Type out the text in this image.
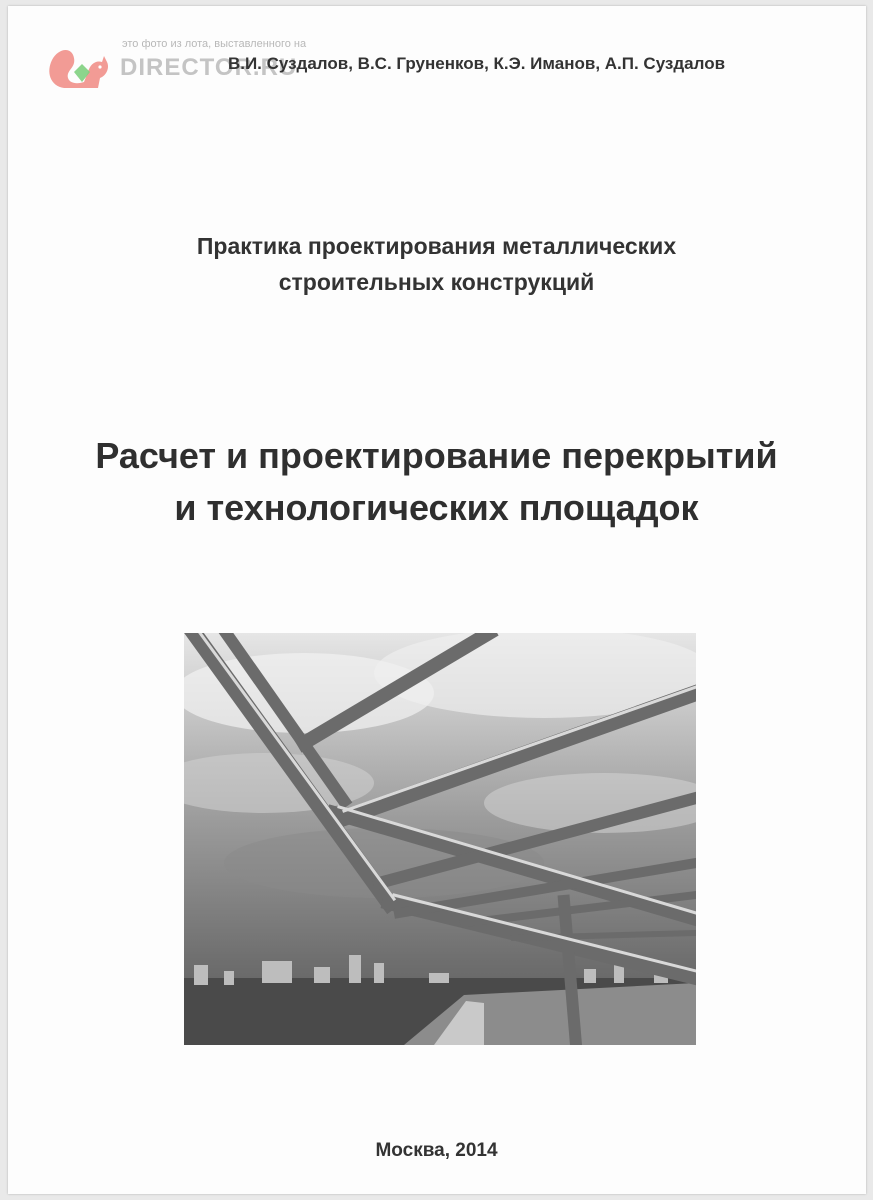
это фото из лота, выставленного на
DIRECTOR.RU
В.И. Суздалов, В.С. Груненков, К.Э. Иманов, А.П. Суздалов
Практика проектирования металлических
строительных конструкций
Расчет и проектирование перекрытий
и технологических площадок
Москва, 2014
